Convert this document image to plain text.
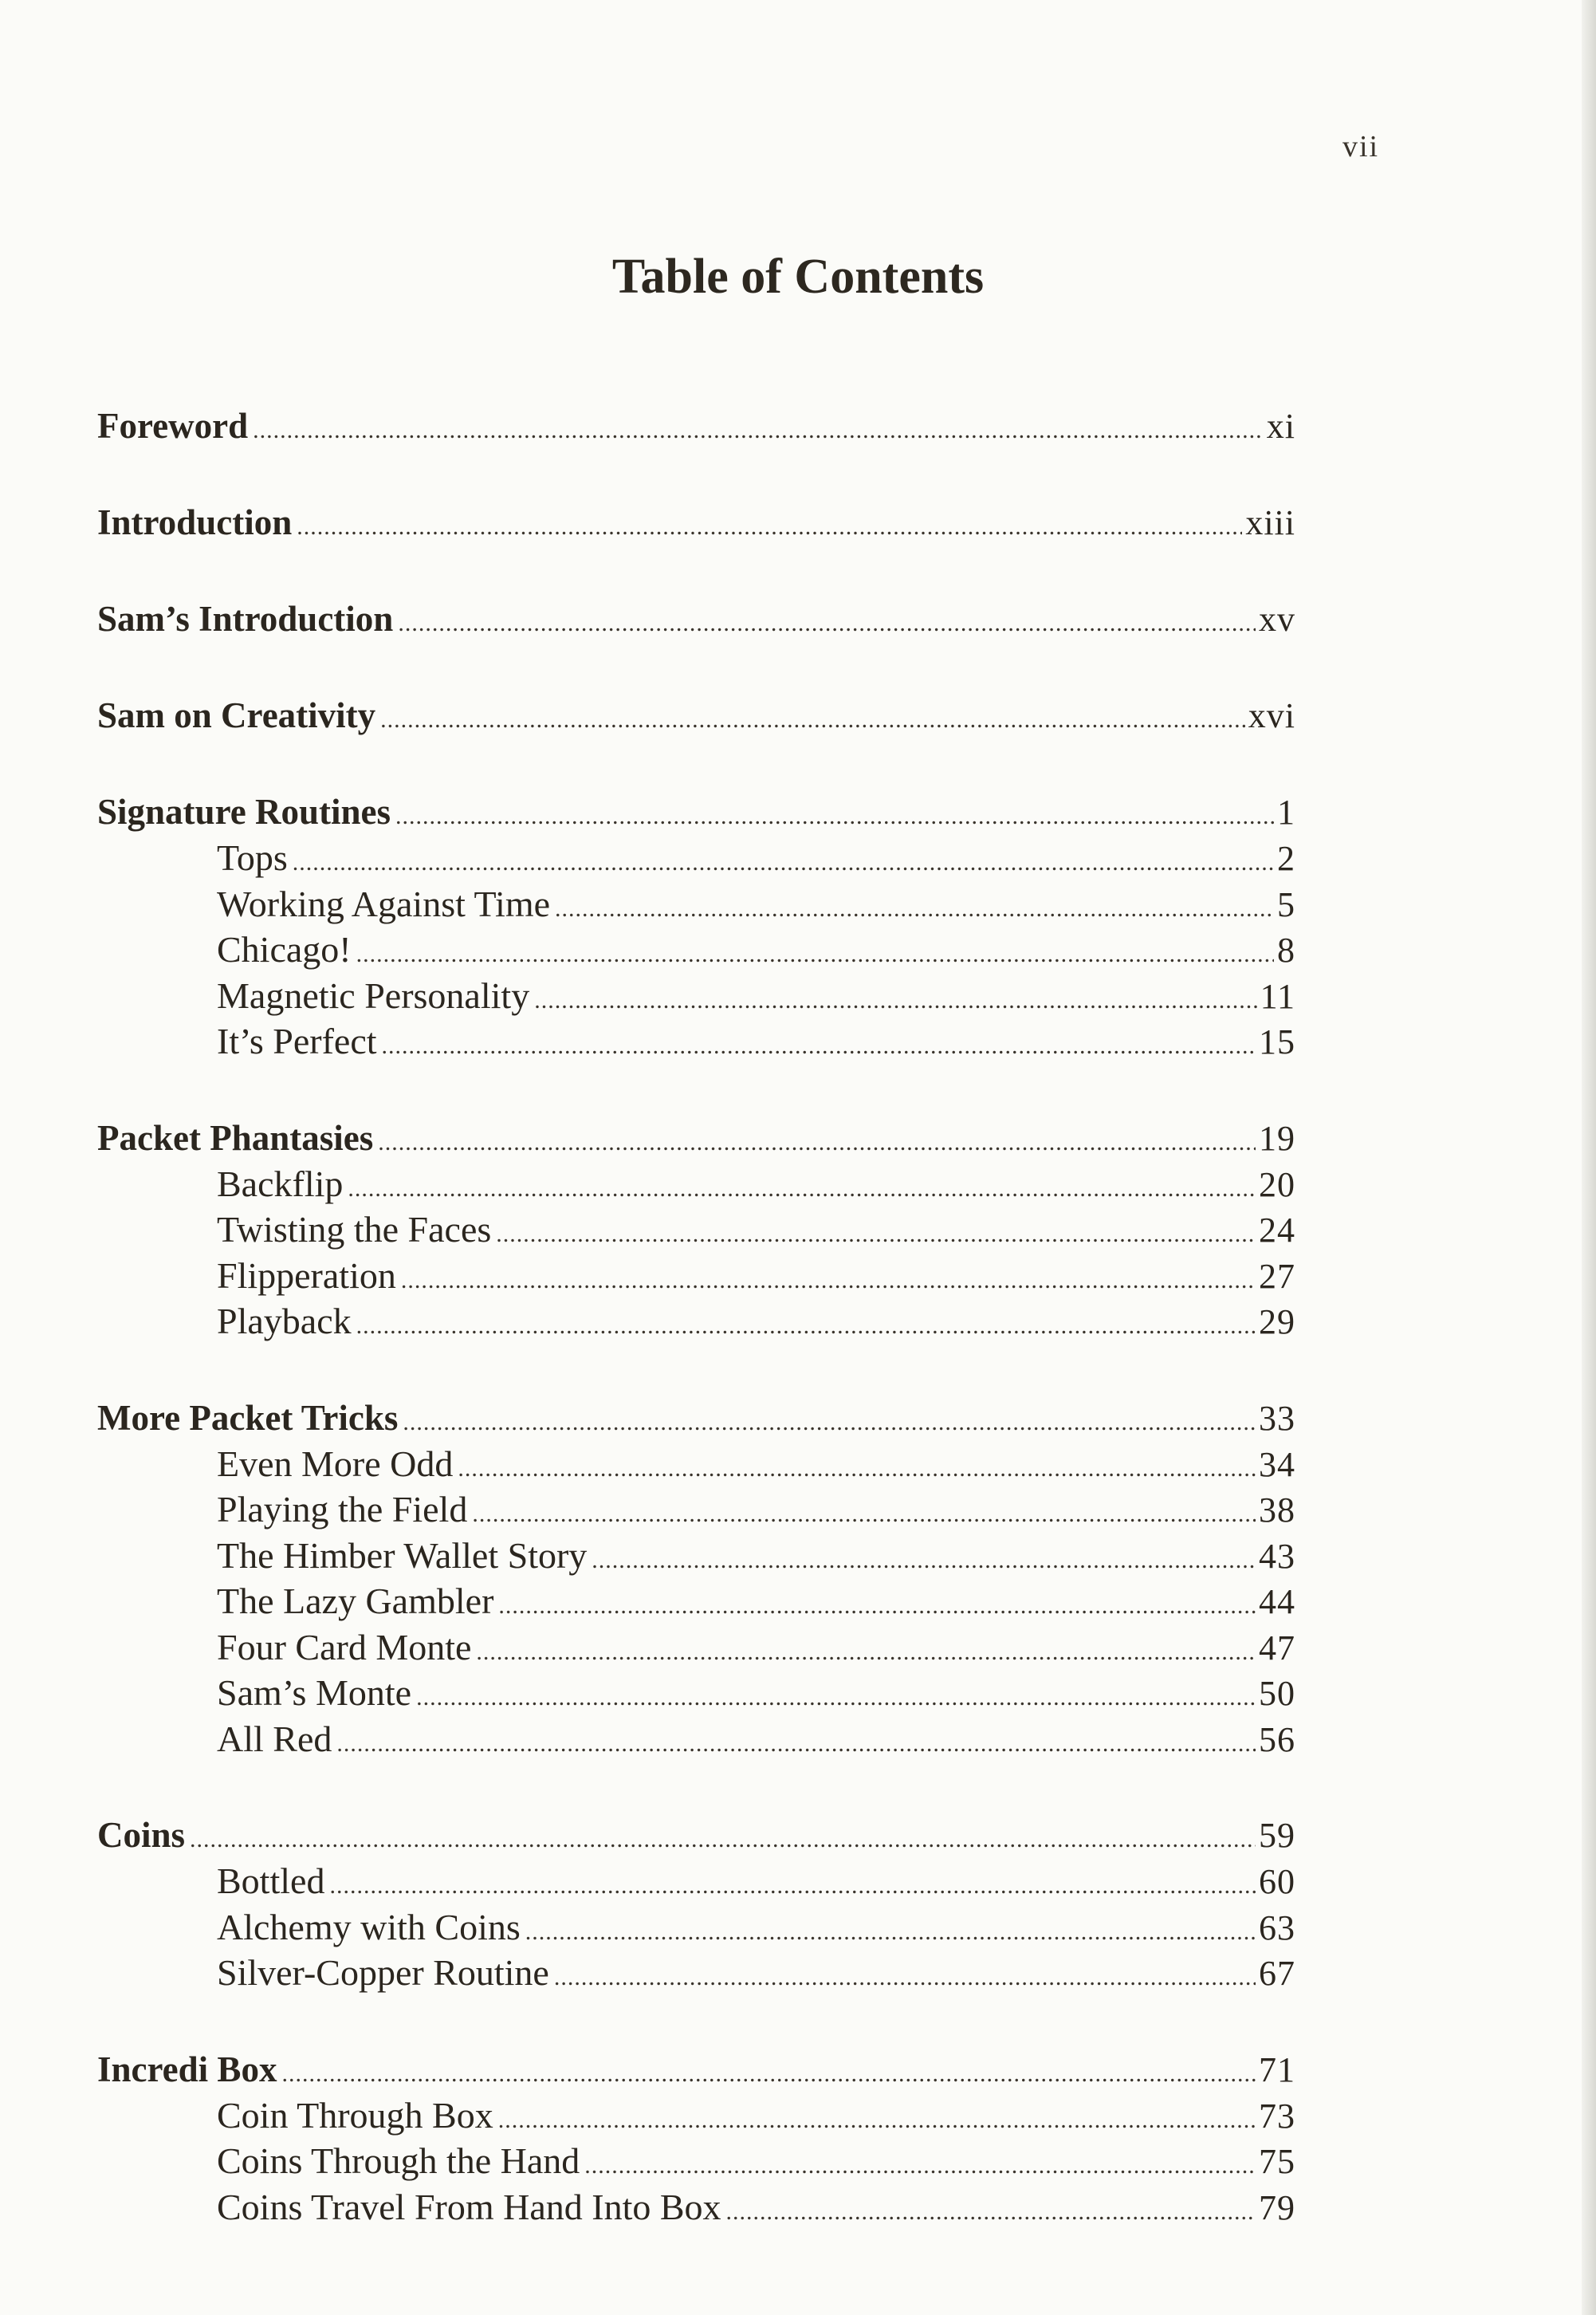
vii
Table of Contents
Foreword .....	xi
Introduction .....	xiii
Sam’s Introduction .....	xv
Sam on Creativity .....	xvi
Signature Routines .....	1
Tops .....	2
Working Against Time .....	5
Chicago! .....	8
Magnetic Personality .....	11
It’s Perfect .....	15
Packet Phantasies .....	19
Backflip .....	20
Twisting the Faces .....	24
Flipperation .....	27
Playback .....	29
More Packet Tricks .....	33
Even More Odd .....	34
Playing the Field .....	38
The Himber Wallet Story .....	43
The Lazy Gambler .....	44
Four Card Monte .....	47
Sam’s Monte .....	50
All Red .....	56
Coins .....	59
Bottled .....	60
Alchemy with Coins .....	63
Silver-Copper Routine .....	67
Incredi Box .....	71
Coin Through Box .....	73
Coins Through the Hand .....	75
Coins Travel From Hand Into Box .....	79
